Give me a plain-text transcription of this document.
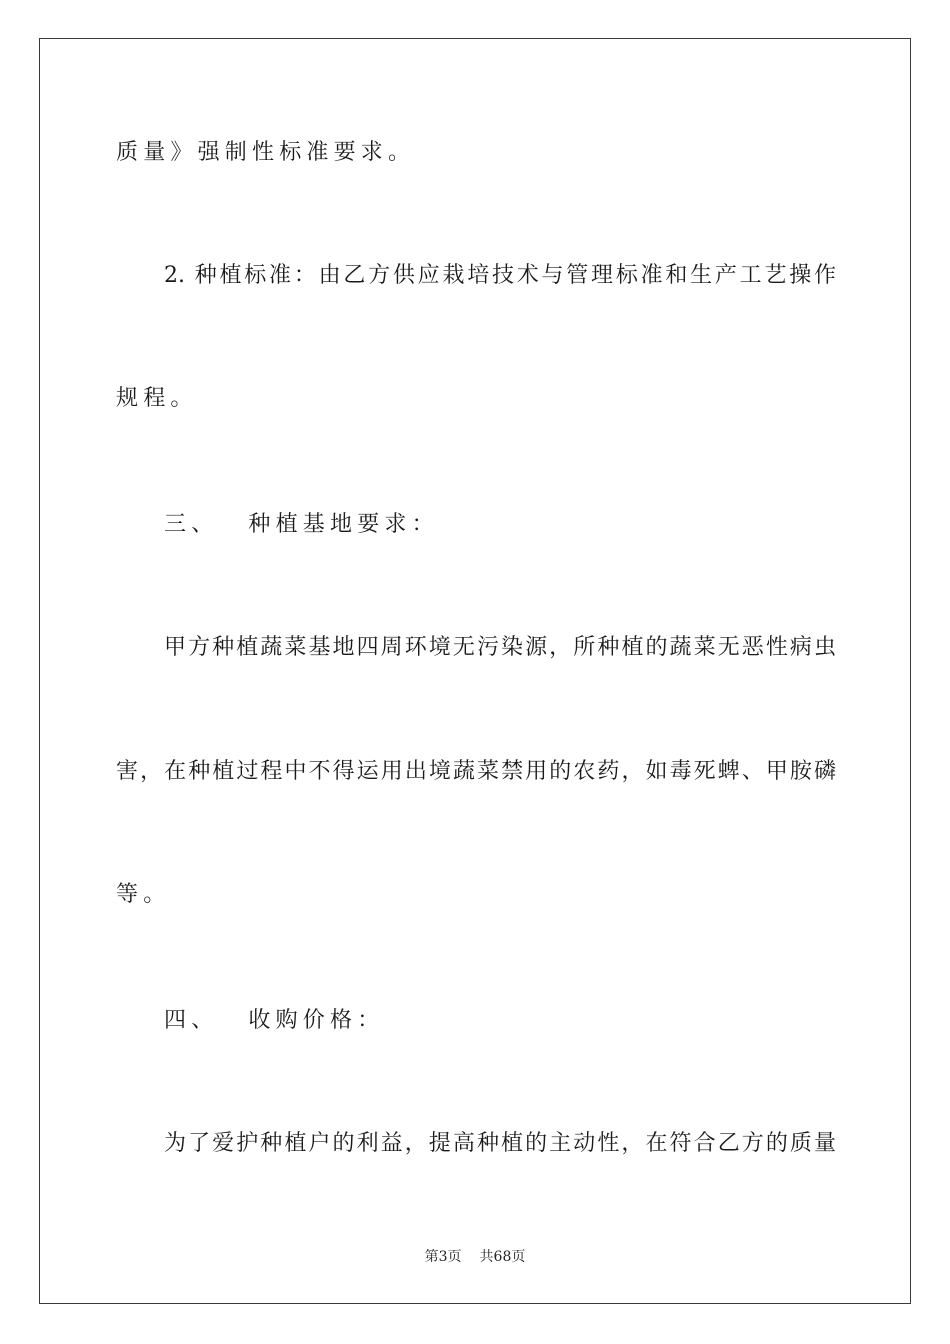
质量》强制性标准要求。
2. 种植标准：由乙方供应栽培技术与管理标准和生产工艺操作
规程。
三、 种植基地要求：
甲方种植蔬菜基地四周环境无污染源，所种植的蔬菜无恶性病虫
害，在种植过程中不得运用出境蔬菜禁用的农药，如毒死蜱、甲胺磷
等。
四、 收购价格：
为了爱护种植户的利益，提高种植的主动性，在符合乙方的质量
第3页 共68页
